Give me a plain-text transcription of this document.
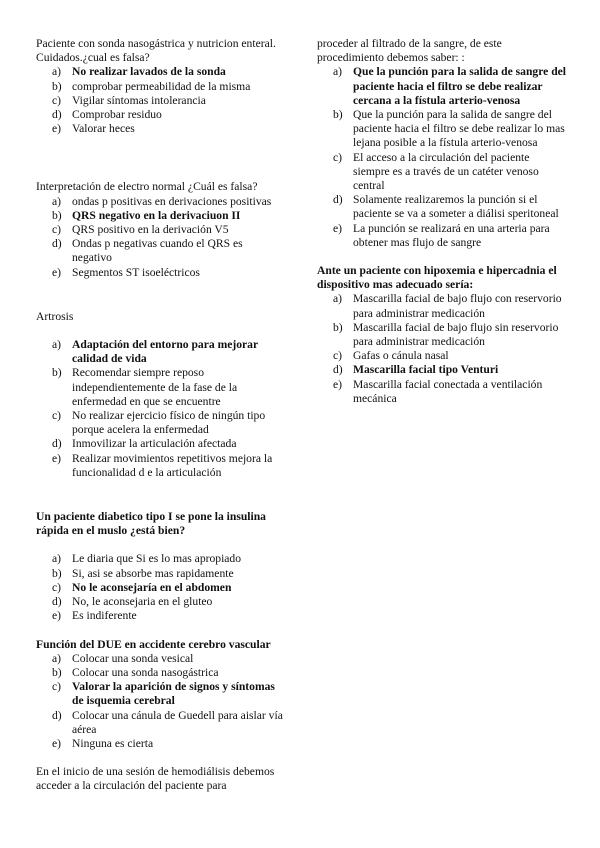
Paciente con sonda nasogástrica y nutricion enteral. Cuidados.¿cual es falsa?

a) No realizar lavados de la sonda
b) comprobar permeabilidad de la misma
c) Vigilar síntomas intolerancia
d) Comprobar residuo
e) Valorar heces

Interpretación de electro normal ¿Cuál es falsa?

a) ondas p positivas en derivaciones positivas
b) QRS negativo en la derivaciuon II
c) QRS positivo en la derivación V5
d) Ondas p negativas cuando el QRS es negativo
e) Segmentos ST isoeléctricos

Artrosis

a) Adaptación del entorno para mejorar calidad de vida
b) Recomendar siempre reposo independientemente de la fase de la enfermedad en que se encuentre
c) No realizar ejercicio físico de ningún tipo porque acelera la enfermedad
d) Inmovilizar la articulación afectada
e) Realizar movimientos repetitivos mejora la funcionalidad d e la articulación

Un paciente diabetico tipo I se pone la insulina rápida en el muslo ¿está bien?

a) Le diaria que Si es lo mas apropiado
b) Si, asi se absorbe mas rapidamente
c) No le aconsejaría en el abdomen
d) No, le aconsejaria en el gluteo
e) Es indiferente

Función del DUE en accidente cerebro vascular

a) Colocar una sonda vesical
b) Colocar una sonda nasogástrica
c) Valorar la aparición de signos y síntomas de isquemia cerebral
d) Colocar una cánula de Guedell para aislar vía aérea
e) Ninguna es cierta

En el inicio de una sesión de hemodiálisis debemos acceder a la circulación del paciente para

proceder al filtrado de la sangre, de este procedimiento debemos saber: :

a) Que la punción para la salida de sangre del paciente hacia el filtro se debe realizar cercana a la fístula arterio-venosa
b) Que la punción para la salida de sangre del paciente hacia el filtro se debe realizar lo mas lejana posible a la fístula arterio-venosa
c) El acceso a la circulación del paciente siempre es a través de un catéter venoso central
d) Solamente realizaremos la punción si el paciente se va a someter a diálisi speritoneal
e) La punción se realizará en una arteria para obtener mas flujo de sangre

Ante un paciente con hipoxemia e hipercadnia el dispositivo mas adecuado sería:

a) Mascarilla facial de bajo flujo con reservorio para administrar medicación
b) Mascarilla facial de bajo flujo sin reservorio para administrar medicación
c) Gafas o cánula nasal
d) Mascarilla facial tipo Venturi
e) Mascarilla facial conectada a ventilación mecánica
